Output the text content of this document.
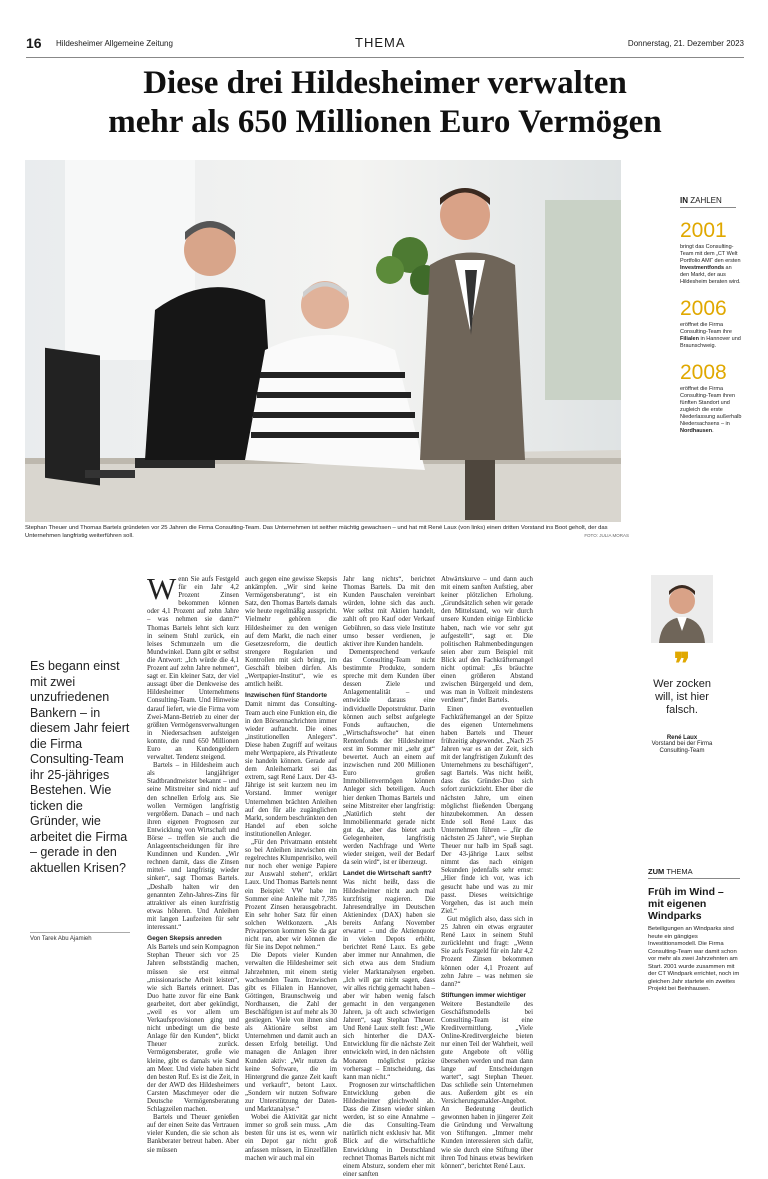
16 Hildesheimer Allgemeine Zeitung	THEMA	Donnerstag, 21. Dezember 2023
Diese drei Hildesheimer verwalten
mehr als 650 Millionen Euro Vermögen
Stephan Theuer und Thomas Bartels gründeten vor 25 Jahren die Firma Consulting-Team. Das Unternehmen ist seither mächtig gewachsen – und hat mit René Laux (von links) einen dritten Vorstand ins Boot geholt, der das Unternehmen langfristig weiterführen soll.	FOTO: JULIA MORAS
IN ZAHLEN
2001
bringt das Consulting-Team mit dem „CT Welt Portfolio AMI“ den ersten Investmentfonds an den Markt, der aus Hildesheim beraten wird.
2006
eröffnet die Firma Consulting-Team ihre Filialen in Hannover und Braunschweig.
2008
eröffnet die Firma Consulting-Team ihren fünften Standort und zugleich die erste Niederlassung außerhalb Niedersachsens – in Nordhausen.
Es begann einst mit zwei unzufriedenen Bankern – in diesem Jahr feiert die Firma Consulting-Team ihr 25-jähriges Bestehen. Wie ticken die Gründer, wie arbeitet die Firma – gerade in den aktuellen Krisen?
Von Tarek Abu Ajamieh

Wenn Sie aufs Festgeld für ein Jahr 4,2 Prozent Zinsen bekommen können oder 4,1 Prozent auf zehn Jahre – was nehmen sie dann?“ Thomas Bartels lehnt sich kurz in seinem Stuhl zurück, ein leises Schmunzeln um die Mundwinkel. Dann gibt er selbst die Antwort: „Ich würde die 4,1 Prozent auf zehn Jahre nehmen“, sagt er. Ein kleiner Satz, der viel aussagt über die Denkweise des Hildesheimer Unternehmens Consulting-Team. Und Hinweise darauf liefert, wie die Firma vom Zwei-Mann-Betrieb zu einer der größten Vermögensverwaltungen in Niedersachsen aufsteigen konnte, die rund 650 Millionen Euro an Kundengeldern verwaltet. Tendenz steigend.

Bartels – in Hildesheim auch als langjähriger Stadtbrandmeister bekannt – und seine Mitstreiter sind nicht auf den schnellen Erfolg aus. Sie wollen Vermögen langfristig vergrößern. Danach – und nach ihren eigenen Prognosen zur Entwicklung von Wirtschaft und Börse – treffen sie auch die Anlageentscheidungen für ihre Kundinnen und Kunden. „Wir rechnen damit, dass die Zinsen mittel- und langfristig wieder sinken“, sagt Thomas Bartels. „Deshalb halten wir den genannten Zehn-Jahres-Zins für attraktiver als einen kurzfristig etwas höheren. Und Anleihen mit langen Laufzeiten für sehr interessant.“

Gegen Skepsis anreden

Als Bartels und sein Kompagnon Stephan Theuer sich vor 25 Jahren selbstständig machen, müssen sie erst einmal „missionarische Arbeit leisten“, wie sich Bartels erinnert. Das Duo hatte zuvor für eine Bank gearbeitet, dort aber gekündigt, „weil es vor allem um Verkaufsprovisionen ging und nicht unbedingt um die beste Anlage für den Kunden“, blickt Theuer zurück. Vermögensberater, große wie kleine, gibt es damals wie Sand am Meer. Und viele haben nicht den besten Ruf. Es ist die Zeit, in der der AWD des Hildesheimers Carsten Maschmeyer oder die Deutsche Vermögensberatung Schlagzeilen machen.

Bartels und Theuer genießen auf der einen Seite das Vertrauen vieler Kunden, die sie schon als Bankberater betreut haben. Aber sie müssen

auch gegen eine gewisse Skepsis ankämpfen. „Wir sind keine Vermögensberatung“, ist ein Satz, den Thomas Bartels damals wie heute regelmäßig ausspricht. Vielmehr gehören die Hildesheimer zu den wenigen auf dem Markt, die nach einer Gesetzesreform, die deutlich strengere Regularien und Kontrollen mit sich bringt, im Geschäft bleiben dürfen. Als „Wertpapier-Institut“, wie es amtlich heißt.

Inzwischen fünf Standorte

Damit nimmt das Consulting-Team auch eine Funktion ein, die in den Börsennachrichten immer wieder auftaucht. Die eines „institutionellen Anlegers“. Diese haben Zugriff auf weitaus mehr Wertpapiere, als Privatleute sie handeln können. Gerade auf dem Anleihemarkt sei das extrem, sagt René Laux. Der 43-Jährige ist seit kurzem neu im Vorstand. Immer weniger Unternehmen brächten Anleihen auf den für alle zugänglichen Markt, sondern beschränkten den Handel auf eben solche institutionellen Anleger.

„Für den Privatmann entsteht so bei Anleihen inzwischen ein regelrechtes Klumpenrisiko, weil nur noch eher wenige Papiere zur Auswahl stehen“, erklärt Laux. Und Thomas Bartels nennt ein Beispiel: VW habe im Sommer eine Anleihe mit 7,785 Prozent Zinsen herausgebracht. Ein sehr hoher Satz für einen solchen Weltkonzern. „Als Privatperson kommen Sie da gar nicht ran, aber wir können die für Sie ins Depot nehmen.“

Die Depots vieler Kunden verwalten die Hildesheimer seit Jahrzehnten, mit einem stetig wachsenden Team. Inzwischen gibt es Filialen in Hannover, Göttingen, Braunschweig und Nordhausen, die Zahl der Beschäftigten ist auf mehr als 30 gestiegen. Viele von ihnen sind als Aktionäre selbst am Unternehmen und damit auch an dessen Erfolg beteiligt. Und managen die Anlagen ihrer Kunden aktiv: „Wir nutzen da keine Software, die im Hintergrund die ganze Zeit kauft und verkauft“, betont Laux. „Sondern wir nutzen Software zur Unterstützung der Daten- und Marktanalyse.“

Wobei die Aktivität gar nicht immer so groß sein muss. „Am besten für uns ist es, wenn wir ein Depot gar nicht groß anfassen müssen, in Einzelfällen machen wir auch mal ein

Jahr lang nichts“, berichtet Thomas Bartels. Da mit den Kunden Pauschalen vereinbart würden, lohne sich das auch. Wer selbst mit Aktien handelt, zahlt oft pro Kauf oder Verkauf Gebühren, so dass viele Institute umso besser verdienen, je aktiver ihre Kunden handeln.

Dementsprechend verkaufe das Consulting-Team nicht bestimmte Produkte, sondern spreche mit dem Kunden über dessen Ziele und Anlagementalität – und entwickle daraus eine individuelle Depotstruktur. Darin können auch selbst aufgelegte Fonds auftauchen, die „Wirtschaftswoche“ hat einen Rentenfonds der Hildesheimer erst im Sommer mit „sehr gut“ bewertet. Auch an einem auf inzwischen rund 200 Millionen Euro großen Immobilienvermögen können Anleger sich beteiligen. Auch hier denken Thomas Bartels und seine Mitstreiter eher langfristig: „Natürlich steht der Immobilienmarkt gerade nicht gut da, aber das bietet auch Gelegenheiten, langfristig werden Nachfrage und Werte wieder steigen, weil der Bedarf da sein wird“, ist er überzeugt.

Landet die Wirtschaft sanft?

Was nicht heißt, dass die Hildesheimer nicht auch mal kurzfristig reagieren. Die Jahresendrallye im Deutschen Aktienindex (DAX) haben sie bereits Anfang November erwartet – und die Aktienquote in vielen Depots erhöht, berichtet René Laux. Es gebe aber immer nur Annahmen, die sich etwa aus dem Studium vieler Marktanalysen ergeben. „Ich will gar nicht sagen, dass wir alles richtig gemacht haben – aber wir haben wenig falsch gemacht in den vergangenen Jahren, ja oft auch schwierigen Jahren“, sagt Stephan Theuer. Und René Laux stellt fest: „Wie sich hinterher die DAX-Entwicklung für die nächste Zeit entwickeln wird, in den nächsten Monaten möglichst präzise vorhersagt – Entscheidung, das kann man nicht.“

Prognosen zur wirtschaftlichen Entwicklung geben die Hildesheimer gleichwohl ab. Dass die Zinsen wieder sinken werden, ist so eine Annahme – die das Consulting-Team natürlich nicht exklusiv hat. Mit Blick auf die wirtschaftliche Entwicklung in Deutschland rechnet Thomas Bartels nicht mit einem Absturz, sondern eher mit einer sanften

Abwärtskurve – und dann auch mit einem sanften Aufstieg, aber keiner plötzlichen Erholung. „Grundsätzlich sehen wir gerade den Mittelstand, wo wir durch unsere Kunden einige Einblicke haben, nach wie vor sehr gut aufgestellt“, sagt er. Die politischen Rahmenbedingungen seien aber zum Beispiel mit Blick auf den Fachkräftemangel nicht optimal: „Es bräuchte einen größeren Abstand zwischen Bürgergeld und dem, was man in Vollzeit mindestens verdient“, findet Bartels.

Einen eventuellen Fachkräftemangel an der Spitze des eigenen Unternehmens haben Bartels und Theuer frühzeitig abgewendet. „Nach 25 Jahren war es an der Zeit, sich mit der langfristigen Zukunft des Unternehmens zu beschäftigen“, sagt Bartels. Was nicht heißt, dass das Gründer-Duo sich sofort zurückzieht. Eher über die nächsten Jahre, um einen möglichst fließenden Übergang hinzubekommen. An dessen Ende soll René Laux das Unternehmen führen – „für die nächsten 25 Jahre“, wie Stephan Theuer nur halb im Spaß sagt. Der 43-jährige Laux selbst nimmt das nach einigen Sekunden jedenfalls sehr ernst: „Hier finde ich vor, was ich gesucht habe und was zu mir passt. Dieses weitsichtige Vorgehen, das ist auch mein Ziel.“

Gut möglich also, dass sich in 25 Jahren ein etwas ergrauter René Laux in seinem Stuhl zurücklehnt und fragt: „Wenn Sie aufs Festgeld für ein Jahr 4,2 Prozent Zinsen bekommen können oder 4,1 Prozent auf zehn Jahre – was nehmen sie dann?“

Stiftungen immer wichtiger

Weitere Bestandteile des Geschäftsmodells bei Consulting-Team ist eine Kreditvermittlung. „Viele Online-Kreditvergleiche bieten nur einen Teil der Wahrheit, weil gute Angebote oft völlig übersehen werden und man dann lange auf Entscheidungen wartet“, sagt Stephan Theuer. Das schließe sein Unternehmen aus. Außerdem gibt es ein Versicherungsmakler-Angebot. An Bedeutung deutlich gewonnen haben in jüngerer Zeit die Gründung und Verwaltung von Stiftungen. „Immer mehr Kunden interessieren sich dafür, wie sie durch eine Stiftung über ihren Tod hinaus etwas bewirken können“, berichtet René Laux.

❞
Wer zocken will, ist hier falsch.
René Laux
Vorstand bei der Firma Consulting-Team
ZUM THEMA
Früh im Wind – mit eigenen Windparks
Beteiligungen an Windparks sind heute ein gängiges Investitionsmodell. Die Firma Consulting-Team war damit schon vor mehr als zwei Jahrzehnten am Start. 2001 wurde zusammen mit der CT Windpark errichtet, noch im gleichen Jahr startete ein zweites Projekt bei Beinhausen.
